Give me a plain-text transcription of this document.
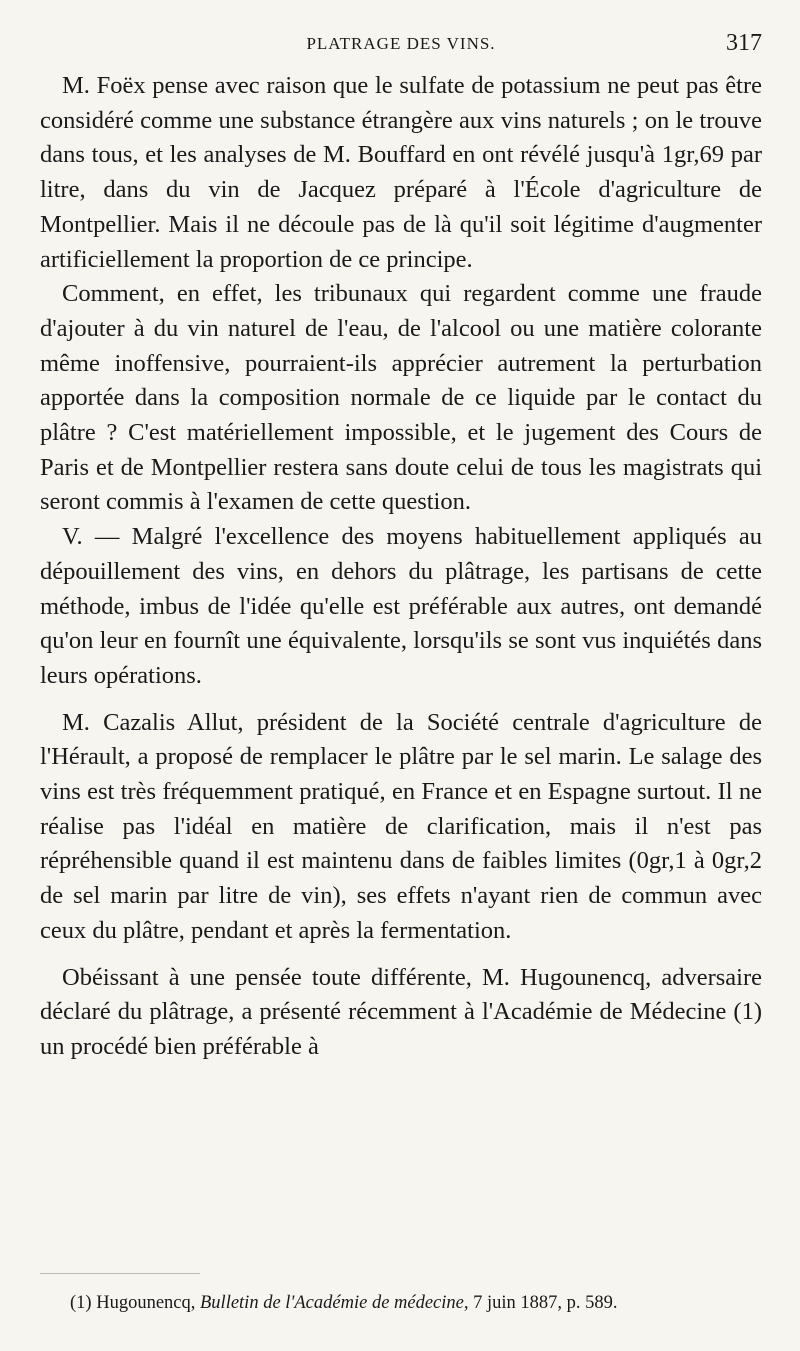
PLATRAGE DES VINS.	317

M. Foëx pense avec raison que le sulfate de potassium ne peut pas être considéré comme une substance étrangère aux vins naturels ; on le trouve dans tous, et les analyses de M. Bouffard en ont révélé jusqu'à 1gr,69 par litre, dans du vin de Jacquez préparé à l'École d'agriculture de Montpellier. Mais il ne découle pas de là qu'il soit légitime d'augmenter artificiellement la proportion de ce principe.

Comment, en effet, les tribunaux qui regardent comme une fraude d'ajouter à du vin naturel de l'eau, de l'alcool ou une matière colorante même inoffensive, pourraient-ils apprécier autrement la perturbation apportée dans la composition normale de ce liquide par le contact du plâtre ? C'est matériellement impossible, et le jugement des Cours de Paris et de Montpellier restera sans doute celui de tous les magistrats qui seront commis à l'examen de cette question.

V. — Malgré l'excellence des moyens habituellement appliqués au dépouillement des vins, en dehors du plâtrage, les partisans de cette méthode, imbus de l'idée qu'elle est préférable aux autres, ont demandé qu'on leur en fournît une équivalente, lorsqu'ils se sont vus inquiétés dans leurs opérations.

M. Cazalis Allut, président de la Société centrale d'agriculture de l'Hérault, a proposé de remplacer le plâtre par le sel marin. Le salage des vins est très fréquemment pratiqué, en France et en Espagne surtout. Il ne réalise pas l'idéal en matière de clarification, mais il n'est pas répréhensible quand il est maintenu dans de faibles limites (0gr,1 à 0gr,2 de sel marin par litre de vin), ses effets n'ayant rien de commun avec ceux du plâtre, pendant et après la fermentation.

Obéissant à une pensée toute différente, M. Hugounencq, adversaire déclaré du plâtrage, a présenté récemment à l'Académie de Médecine (1) un procédé bien préférable à

(1) Hugounencq, Bulletin de l'Académie de médecine, 7 juin 1887, p. 589.
